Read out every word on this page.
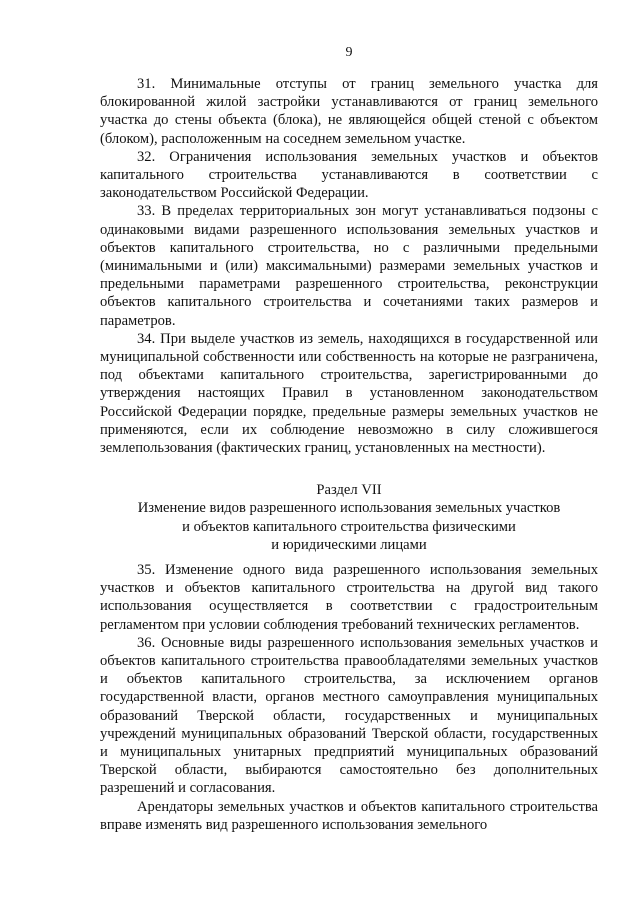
9

31. Минимальные отступы от границ земельного участка для блокированной жилой застройки устанавливаются от границ земельного участка до стены объекта (блока), не являющейся общей стеной с объектом (блоком), расположенным на соседнем земельном участке.

32. Ограничения использования земельных участков и объектов капитального строительства устанавливаются в соответствии с законодательством Российской Федерации.

33. В пределах территориальных зон могут устанавливаться подзоны с одинаковыми видами разрешенного использования земельных участков и объектов капитального строительства, но с различными предельными (минимальными и (или) максимальными) размерами земельных участков и предельными параметрами разрешенного строительства, реконструкции объектов капитального строительства и сочетаниями таких размеров и параметров.

34. При выделе участков из земель, находящихся в государственной или муниципальной собственности или собственность на которые не разграничена, под объектами капитального строительства, зарегистрированными до утверждения настоящих Правил в установленном законодательством Российской Федерации порядке, предельные размеры земельных участков не применяются, если их соблюдение невозможно в силу сложившегося землепользования (фактических границ, установленных на местности).

Раздел VII
Изменение видов разрешенного использования земельных участков
и объектов капитального строительства физическими
и юридическими лицами

35. Изменение одного вида разрешенного использования земельных участков и объектов капитального строительства на другой вид такого использования осуществляется в соответствии с градостроительным регламентом при условии соблюдения требований технических регламентов.

36. Основные виды разрешенного использования земельных участков и объектов капитального строительства правообладателями земельных участков и объектов капитального строительства, за исключением органов государственной власти, органов местного самоуправления муниципальных образований Тверской области, государственных и муниципальных учреждений муниципальных образований Тверской области, государственных и муниципальных унитарных предприятий муниципальных образований Тверской области, выбираются самостоятельно без дополнительных разрешений и согласования.

Арендаторы земельных участков и объектов капитального строительства вправе изменять вид разрешенного использования земельного
